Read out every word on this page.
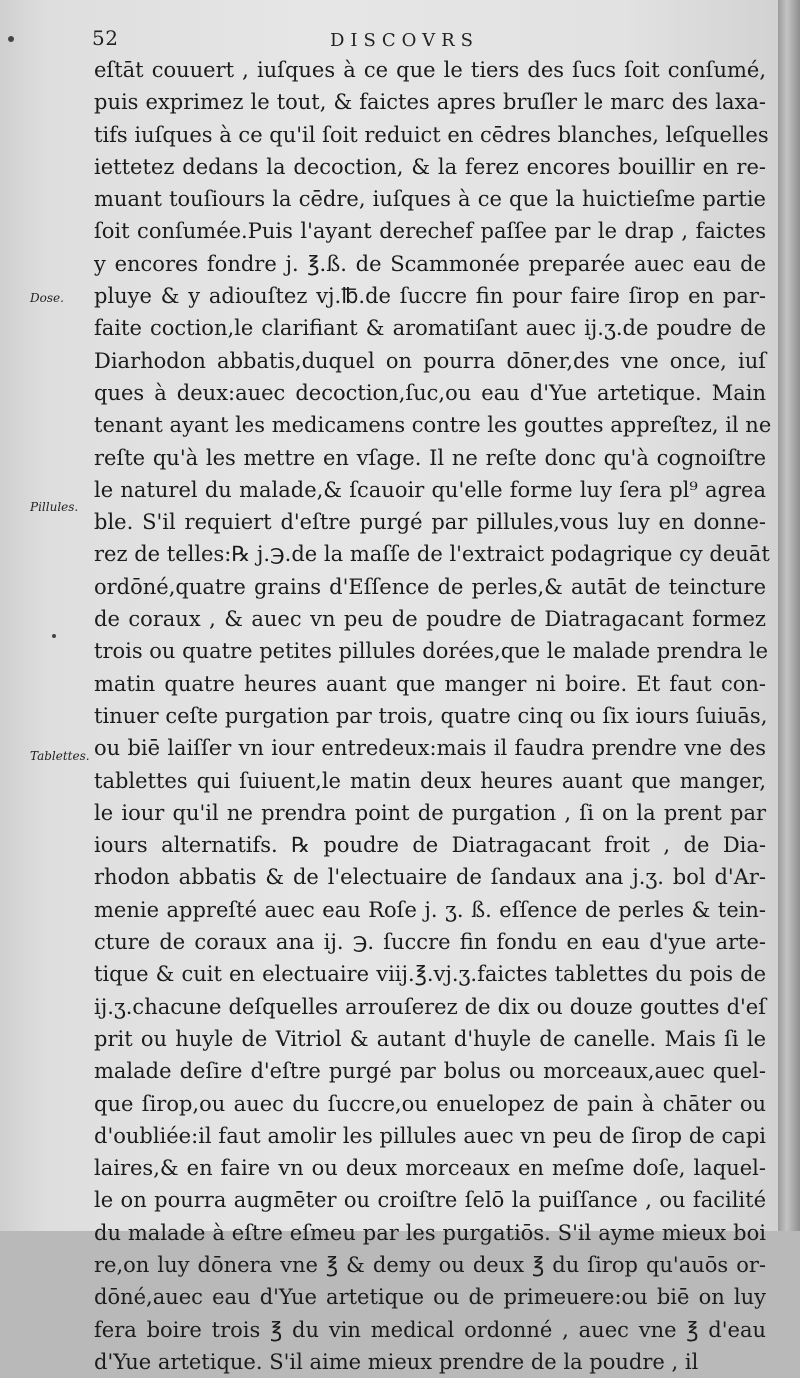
52	DISCOVRS
Dose.
Pillules.
Tablettes.
eſtāt couuert , iuſques à ce que le tiers des ſucs ſoit conſumé,
puis exprimez le tout, & faictes apres bruſler le marc des laxa-
tifs iuſques à ce qu'il ſoit reduict en cēdres blanches, leſquelles
iettetez dedans la decoction, & la ferez encores bouillir en re-
muant touſiours la cēdre, iuſques à ce que la huictieſme partie
ſoit conſumée.Puis l'ayant derechef paſſee par le drap , faictes
y encores fondre j. ℥.ß. de Scammonée preparée auec eau de
pluye & y adiouſtez vj.℔.de ſuccre fin pour faire ſirop en par-
faite coction,le clarifiant & aromatiſant auec ij.ʒ.de poudre de
Diarhodon abbatis,duquel on pourra dōner,des vne once, iuſ
ques à deux:auec decoction,ſuc,ou eau d'Yue artetique. Main
tenant ayant les medicamens contre les gouttes appreſtez, il ne
reſte qu'à les mettre en vſage. Il ne reſte donc qu'à cognoiſtre
le naturel du malade,& ſcauoir qu'elle forme luy ſera pl⁹ agrea
ble. S'il requiert d'eſtre purgé par pillules,vous luy en donne-
rez de telles:℞ j.℈.de la maſſe de l'extraict podagrique cy deuāt
ordōné,quatre grains d'Eſſence de perles,& autāt de teincture
de coraux , & auec vn peu de poudre de Diatragacant formez
trois ou quatre petites pillules dorées,que le malade prendra le
matin quatre heures auant que manger ni boire. Et faut con-
tinuer ceſte purgation par trois, quatre cinq ou ſix iours ſuiuās,
ou biē laiſſer vn iour entredeux:mais il faudra prendre vne des
tablettes qui ſuiuent,le matin deux heures auant que manger,
le iour qu'il ne prendra point de purgation , ſi on la prent par
iours alternatifs. ℞ poudre de Diatragacant froit , de Dia-
rhodon abbatis & de l'electuaire de ſandaux ana j.ʒ. bol d'Ar-
menie appreſté auec eau Roſe j. ʒ. ß. eſſence de perles & tein-
cture de coraux ana ij. ℈. ſuccre fin fondu en eau d'yue arte-
tique & cuit en electuaire viij.℥.vj.ʒ.faictes tablettes du pois de
ij.ʒ.chacune deſquelles arrouſerez de dix ou douze gouttes d'eſ
prit ou huyle de Vitriol & autant d'huyle de canelle. Mais ſi le
malade deſire d'eſtre purgé par bolus ou morceaux,auec quel-
que ſirop,ou auec du ſuccre,ou enuelopez de pain à chāter ou
d'oubliée:il faut amolir les pillules auec vn peu de ſirop de capi
laires,& en faire vn ou deux morceaux en meſme doſe, laquel-
le on pourra augmēter ou croiſtre ſelō la puiſſance , ou facilité
du malade à eſtre eſmeu par les purgatiōs. S'il ayme mieux boi
re,on luy dōnera vne ℥ & demy ou deux ℥ du ſirop qu'auōs or-
dōné,auec eau d'Yue artetique ou de primeuere:ou biē on luy
fera boire trois ℥ du vin medical ordonné , auec vne ℥ d'eau
d'Yue artetique. S'il aime mieux prendre de la poudre , il
